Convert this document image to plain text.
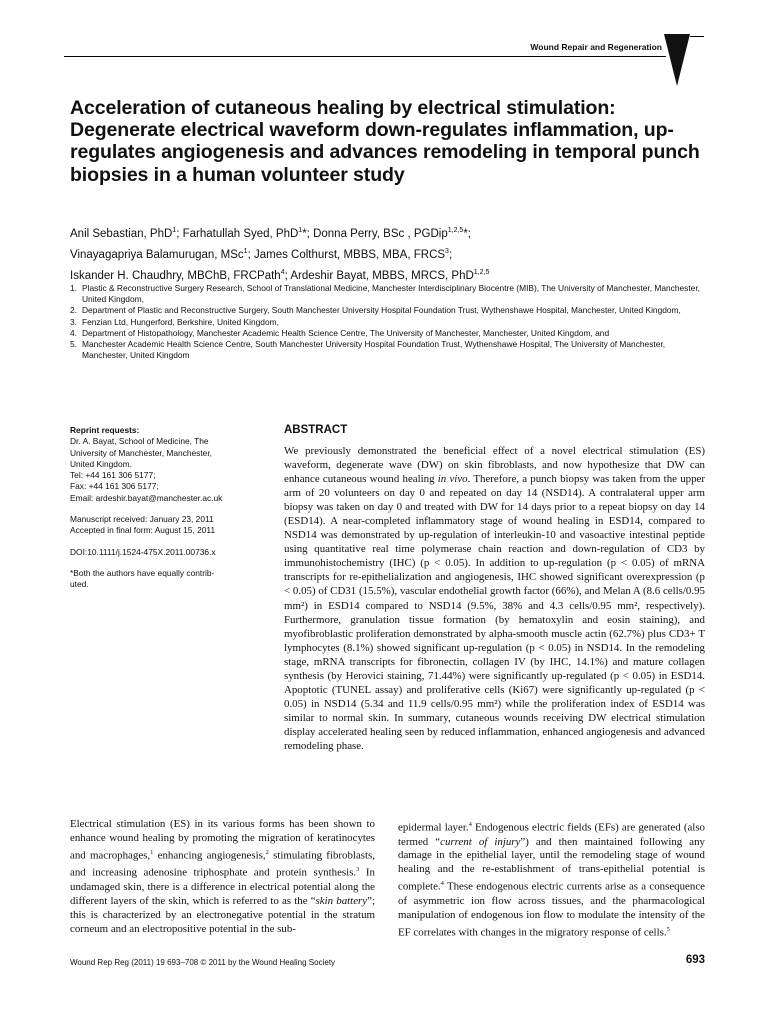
Wound Repair and Regeneration
Acceleration of cutaneous healing by electrical stimulation: Degenerate electrical waveform down-regulates inflammation, up-regulates angiogenesis and advances remodeling in temporal punch biopsies in a human volunteer study
Anil Sebastian, PhD$^1$; Farhatullah Syed, PhD$^1$*; Donna Perry, BSc , PGDip$^{1,2,5}$*;
Vinayagapriya Balamurugan, MSc$^1$; James Colthurst, MBBS, MBA, FRCS$^3$;
Iskander H. Chaudhry, MBChB, FRCPath$^4$; Ardeshir Bayat, MBBS, MRCS, PhD$^{1,2,5}$
1. Plastic & Reconstructive Surgery Research, School of Translational Medicine, Manchester Interdisciplinary Biocentre (MIB), The University of Manchester, Manchester, United Kingdom,
2. Department of Plastic and Reconstructive Surgery, South Manchester University Hospital Foundation Trust, Wythenshawe Hospital, Manchester, United Kingdom,
3. Fenzian Ltd, Hungerford, Berkshire, United Kingdom,
4. Department of Histopathology, Manchester Academic Health Science Centre, The University of Manchester, Manchester, United Kingdom, and
5. Manchester Academic Health Science Centre, South Manchester University Hospital Foundation Trust, Wythenshawe Hospital, The University of Manchester, Manchester, United Kingdom
Reprint requests:
Dr. A. Bayat, School of Medicine, The
University of Manchester, Manchester,
United Kingdom.
Tel: +44 161 306 5177;
Fax: +44 161 306 5177;
Email: ardeshir.bayat@manchester.ac.uk
Manuscript received: January 23, 2011
Accepted in final form: August 15, 2011
DOI:10.1111/j.1524-475X.2011.00736.x
*Both the authors have equally contrib-
uted.
ABSTRACT
We previously demonstrated the beneficial effect of a novel electrical stimulation (ES) waveform, degenerate wave (DW) on skin fibroblasts, and now hypothesize that DW can enhance cutaneous wound healing in vivo. Therefore, a punch biopsy was taken from the upper arm of 20 volunteers on day 0 and repeated on day 14 (NSD14). A contralateral upper arm biopsy was taken on day 0 and treated with DW for 14 days prior to a repeat biopsy on day 14 (ESD14). A near-completed inflammatory stage of wound healing in ESD14, compared to NSD14 was demonstrated by up-regulation of interleukin-10 and vasoactive intestinal peptide using quantitative real time polymerase chain reaction and down-regulation of CD3 by immunohistochemistry (IHC) (p < 0.05). In addition to up-regulation (p < 0.05) of mRNA transcripts for re-epithelialization and angiogenesis, IHC showed significant overexpression (p < 0.05) of CD31 (15.5%), vascular endothelial growth factor (66%), and Melan A (8.6 cells/0.95 mm²) in ESD14 compared to NSD14 (9.5%, 38% and 4.3 cells/0.95 mm², respectively). Furthermore, granulation tissue formation (by hematoxylin and eosin staining), and myofibroblastic proliferation demonstrated by alpha-smooth muscle actin (62.7%) plus CD3+ T lymphocytes (8.1%) showed significant up-regulation (p < 0.05) in NSD14. In the remodeling stage, mRNA transcripts for fibronectin, collagen IV (by IHC, 14.1%) and mature collagen synthesis (by Herovici staining, 71.44%) were significantly up-regulated (p < 0.05) in ESD14. Apoptotic (TUNEL assay) and proliferative cells (Ki67) were significantly up-regulated (p < 0.05) in NSD14 (5.34 and 11.9 cells/0.95 mm²) while the proliferation index of ESD14 was similar to normal skin. In summary, cutaneous wounds receiving DW electrical stimulation display accelerated healing seen by reduced inflammation, enhanced angiogenesis and advanced remodeling phase.
Electrical stimulation (ES) in its various forms has been shown to enhance wound healing by promoting the migration of keratinocytes and macrophages,$^1$ enhancing angiogenesis,$^2$ stimulating fibroblasts, and increasing adenosine triphosphate and protein synthesis.$^3$ In undamaged skin, there is a difference in electrical potential along the different layers of the skin, which is referred to as the “skin battery”; this is characterized by an electronegative potential in the stratum corneum and an electropositive potential in the sub-
epidermal layer.$^4$ Endogenous electric fields (EFs) are generated (also termed “current of injury”) and then maintained following any damage in the epithelial layer, until the remodeling stage of wound healing and the re-establishment of trans-epithelial potential is complete.$^4$ These endogenous electric currents arise as a consequence of asymmetric ion flow across tissues, and the pharmacological manipulation of endogenous ion flow to modulate the intensity of the EF correlates with changes in the migratory response of cells.$^5$
Wound Rep Reg (2011) 19 693–708 © 2011 by the Wound Healing Society	693
